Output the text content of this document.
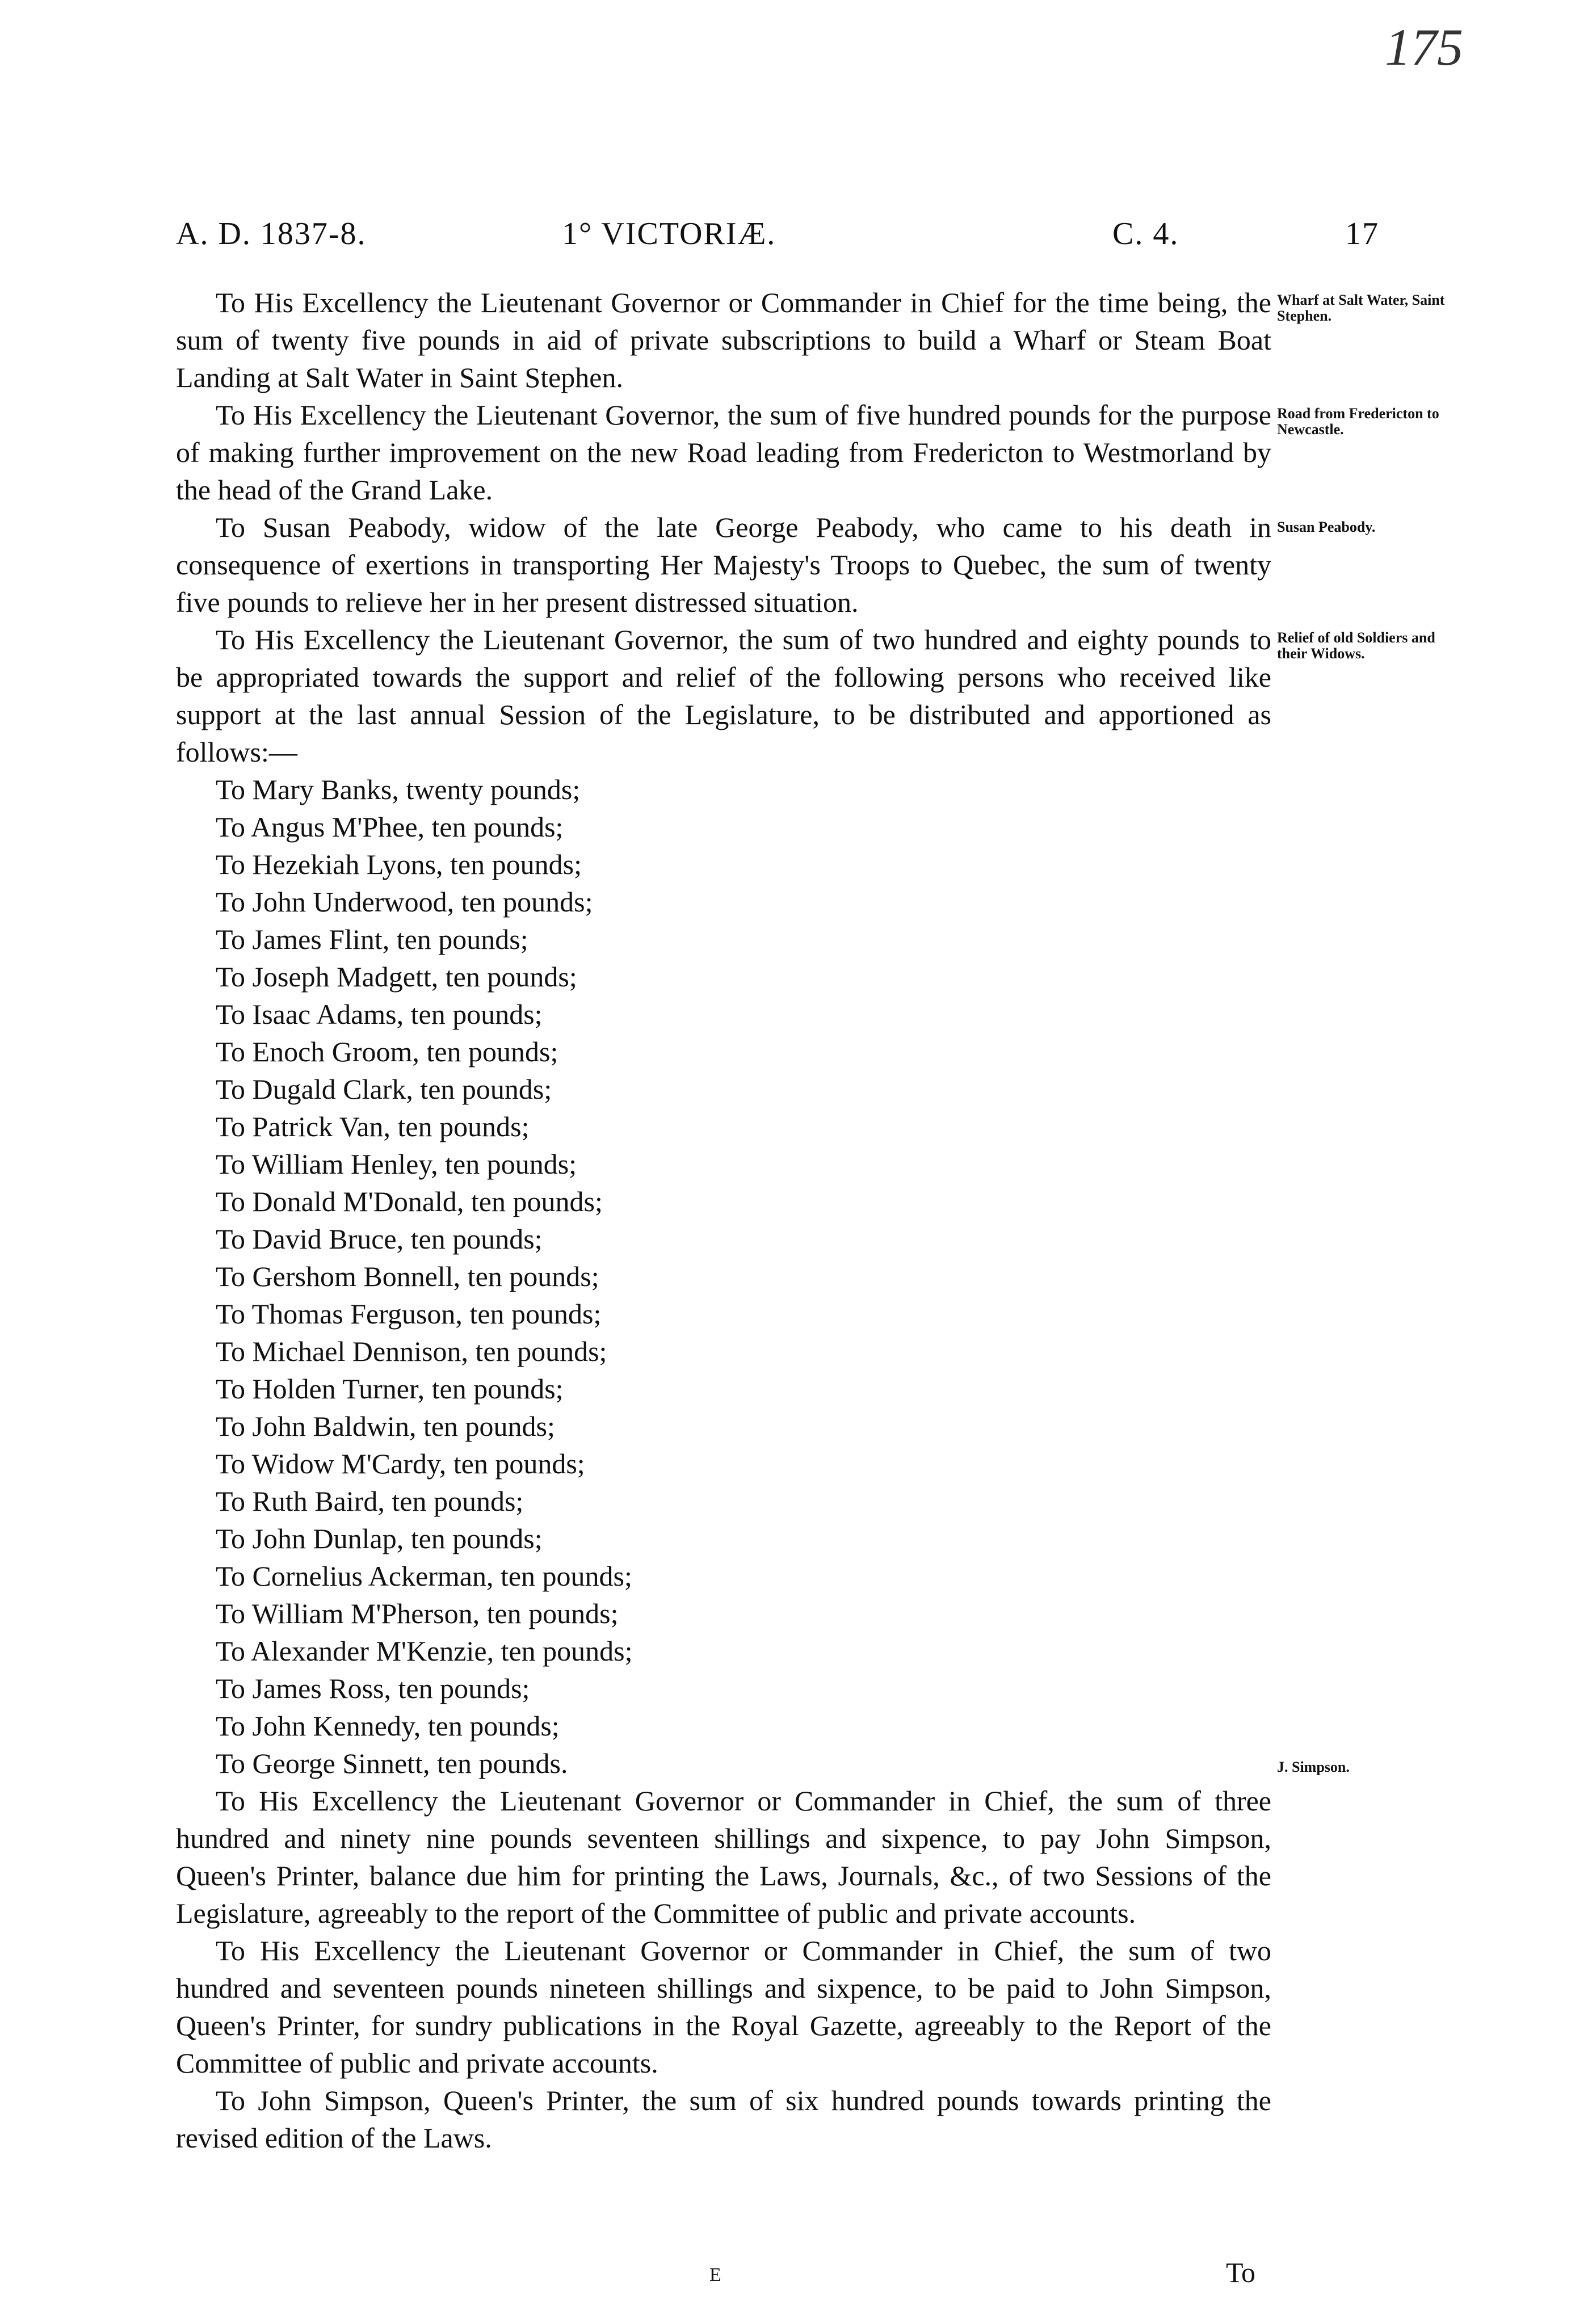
175
A. D. 1837-8.	1° VICTORIÆ.	C. 4.	17

To His Excellency the Lieutenant Governor or Commander in Chief for the time being, the sum of twenty five pounds in aid of private subscriptions to build a Wharf or Steam Boat Landing at Salt Water in Saint Stephen.

To His Excellency the Lieutenant Governor, the sum of five hundred pounds for the purpose of making further improvement on the new Road leading from Fredericton to Westmorland by the head of the Grand Lake.

To Susan Peabody, widow of the late George Peabody, who came to his death in consequence of exertions in transporting Her Majesty's Troops to Quebec, the sum of twenty five pounds to relieve her in her present distressed situation.

To His Excellency the Lieutenant Governor, the sum of two hundred and eighty pounds to be appropriated towards the support and relief of the following persons who received like support at the last annual Session of the Legislature, to be distributed and apportioned as follows:—

To Mary Banks, twenty pounds;
To Angus M'Phee, ten pounds;
To Hezekiah Lyons, ten pounds;
To John Underwood, ten pounds;
To James Flint, ten pounds;
To Joseph Madgett, ten pounds;
To Isaac Adams, ten pounds;
To Enoch Groom, ten pounds;
To Dugald Clark, ten pounds;
To Patrick Van, ten pounds;
To William Henley, ten pounds;
To Donald M'Donald, ten pounds;
To David Bruce, ten pounds;
To Gershom Bonnell, ten pounds;
To Thomas Ferguson, ten pounds;
To Michael Dennison, ten pounds;
To Holden Turner, ten pounds;
To John Baldwin, ten pounds;
To Widow M'Cardy, ten pounds;
To Ruth Baird, ten pounds;
To John Dunlap, ten pounds;
To Cornelius Ackerman, ten pounds;
To William M'Pherson, ten pounds;
To Alexander M'Kenzie, ten pounds;
To James Ross, ten pounds;
To John Kennedy, ten pounds;
To George Sinnett, ten pounds.

To His Excellency the Lieutenant Governor or Commander in Chief, the sum of three hundred and ninety nine pounds seventeen shillings and sixpence, to pay John Simpson, Queen's Printer, balance due him for printing the Laws, Journals, &c., of two Sessions of the Legislature, agreeably to the report of the Committee of public and private accounts.

To His Excellency the Lieutenant Governor or Commander in Chief, the sum of two hundred and seventeen pounds nineteen shillings and sixpence, to be paid to John Simpson, Queen's Printer, for sundry publications in the Royal Gazette, agreeably to the Report of the Committee of public and private accounts.

To John Simpson, Queen's Printer, the sum of six hundred pounds towards printing the revised edition of the Laws.

Wharf at Salt Water, Saint Stephen.
Road from Fredericton to Newcastle.
Susan Peabody.
Relief of old Soldiers and their Widows.
J. Simpson.
E	To
